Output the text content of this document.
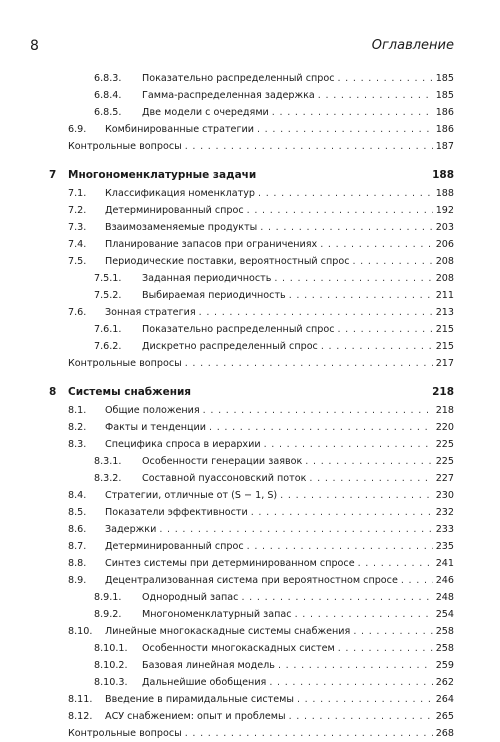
8	Оглавление
6.8.3. Показательно распределенный спрос . . .	185
6.8.4. Гамма-распределенная задержка . . .	185
6.8.5. Две модели с очередями . . .	186
6.9. Комбинированные стратегии . . .	186
Контрольные вопросы . . .	187
7 Многономенклатурные задачи	188
7.1. Классификация номенклатур . . .	188
7.2. Детерминированный спрос . . .	192
7.3. Взаимозаменяемые продукты . . .	203
7.4. Планирование запасов при ограничениях . . .	206
7.5. Периодические поставки, вероятностный спрос . . .	208
7.5.1. Заданная периодичность . . .	208
7.5.2. Выбираемая периодичность . . .	211
7.6. Зонная стратегия . . .	213
7.6.1. Показательно распределенный спрос . . .	215
7.6.2. Дискретно распределенный спрос . . .	215
Контрольные вопросы . . .	217
8 Системы снабжения	218
8.1. Общие положения . . .	218
8.2. Факты и тенденции . . .	220
8.3. Специфика спроса в иерархии . . .	225
8.3.1. Особенности генерации заявок . . .	225
8.3.2. Составной пуассоновский поток . . .	227
8.4. Стратегии, отличные от (S − 1, S) . . .	230
8.5. Показатели эффективности . . .	232
8.6. Задержки . . .	233
8.7. Детерминированный спрос . . .	235
8.8. Синтез системы при детерминированном спросе . . .	241
8.9. Децентрализованная система при вероятностном спросе . . .	246
8.9.1. Однородный запас . . .	248
8.9.2. Многономенклатурный запас . . .	254
8.10. Линейные многокаскадные системы снабжения . . .	258
8.10.1. Особенности многокаскадных систем . . .	258
8.10.2. Базовая линейная модель . . .	259
8.10.3. Дальнейшие обобщения . . .	262
8.11. Введение в пирамидальные системы . . .	264
8.12. АСУ снабжением: опыт и проблемы . . .	265
Контрольные вопросы . . .	268
